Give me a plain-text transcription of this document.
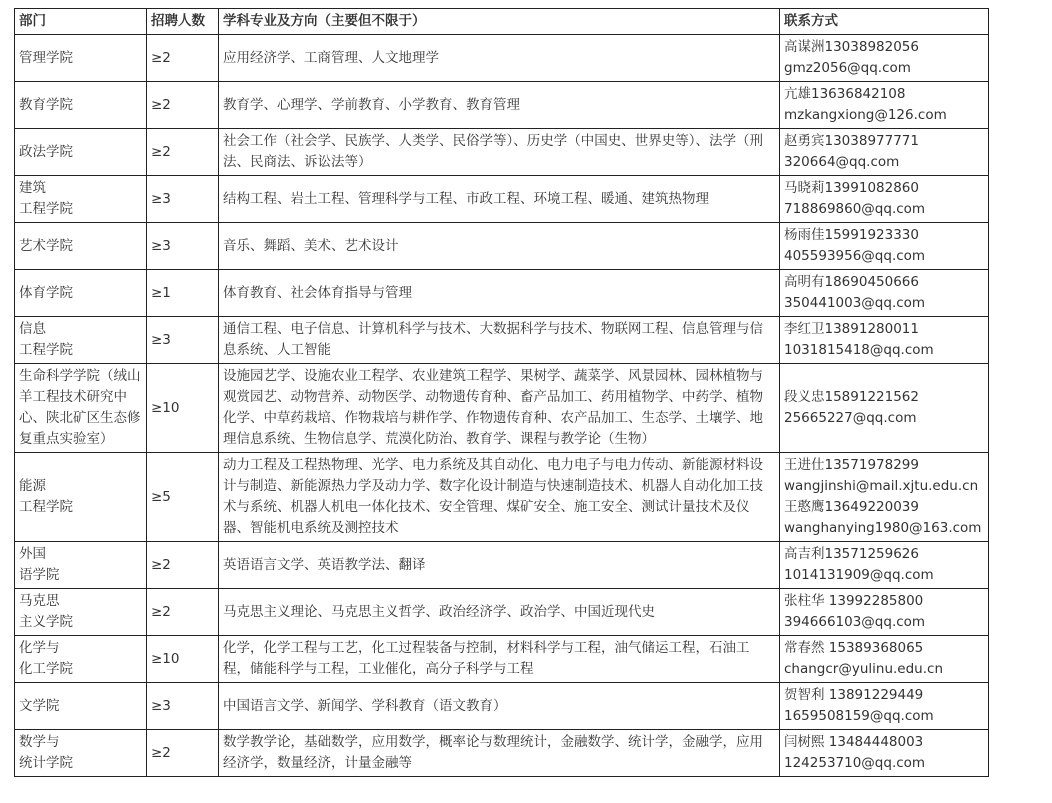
部门	招聘人数	学科专业及方向（主要但不限于）	联系方式
管理学院	≥2	应用经济学、工商管理、人文地理学	高谋洲13038982056
gmz2056@qq.com
教育学院	≥2	教育学、心理学、学前教育、小学教育、教育管理	亢雄13636842108
mzkangxiong@126.com
政法学院	≥2	社会工作（社会学、民族学、人类学、民俗学等）、历史学（中国史、世界史等）、法学（刑法、民商法、诉讼法等）	赵勇宾13038977771
320664@qq.com
建筑
工程学院	≥3	结构工程、岩土工程、管理科学与工程、市政工程、环境工程、暖通、建筑热物理	马晓莉13991082860
718869860@qq.com
艺术学院	≥3	音乐、舞蹈、美术、艺术设计	杨雨佳15991923330
405593956@qq.com
体育学院	≥1	体育教育、社会体育指导与管理	高明有18690450666
350441003@qq.com
信息
工程学院	≥3	通信工程、电子信息、计算机科学与技术、大数据科学与技术、物联网工程、信息管理与信息系统、人工智能	李红卫13891280011
1031815418@qq.com
生命科学学院（绒山羊工程技术研究中心、陕北矿区生态修复重点实验室）	≥10	设施园艺学、设施农业工程学、农业建筑工程学、果树学、蔬菜学、风景园林、园林植物与观赏园艺、动物营养、动物医学、动物遗传育种、畜产品加工、药用植物学、中药学、植物化学、中草药栽培、作物栽培与耕作学、作物遗传育种、农产品加工、生态学、土壤学、地理信息系统、生物信息学、荒漠化防治、教育学、课程与教学论（生物）	段义忠15891221562
25665227@qq.com
能源
工程学院	≥5	动力工程及工程热物理、光学、电力系统及其自动化、电力电子与电力传动、新能源材料设计与制造、新能源热力学及动力学、数字化设计制造与快速制造技术、机器人自动化加工技术与系统、机器人机电一体化技术、安全管理、煤矿安全、施工安全、测试计量技术及仪器、智能机电系统及测控技术	王进仕13571978299
wangjinshi@mail.xjtu.edu.cn
王憨鹰13649220039
wanghanying1980@163.com
外国
语学院	≥2	英语语言文学、英语教学法、翻译	高吉利13571259626
1014131909@qq.com
马克思
主义学院	≥2	马克思主义理论、马克思主义哲学、政治经济学、政治学、中国近现代史	张柱华 13992285800
394666103@qq.com
化学与
化工学院	≥10	化学，化学工程与工艺，化工过程装备与控制，材料科学与工程，油气储运工程，石油工程，储能科学与工程，工业催化，高分子科学与工程	常春然 15389368065
changcr@yulinu.edu.cn
文学院	≥3	中国语言文学、新闻学、学科教育（语文教育）	贺智利 13891229449
1659508159@qq.com
数学与
统计学院	≥2	数学教学论，基础数学，应用数学，概率论与数理统计，金融数学、统计学，金融学，应用经济学，数量经济，计量金融等	闫树熙 13484448003
124253710@qq.com
